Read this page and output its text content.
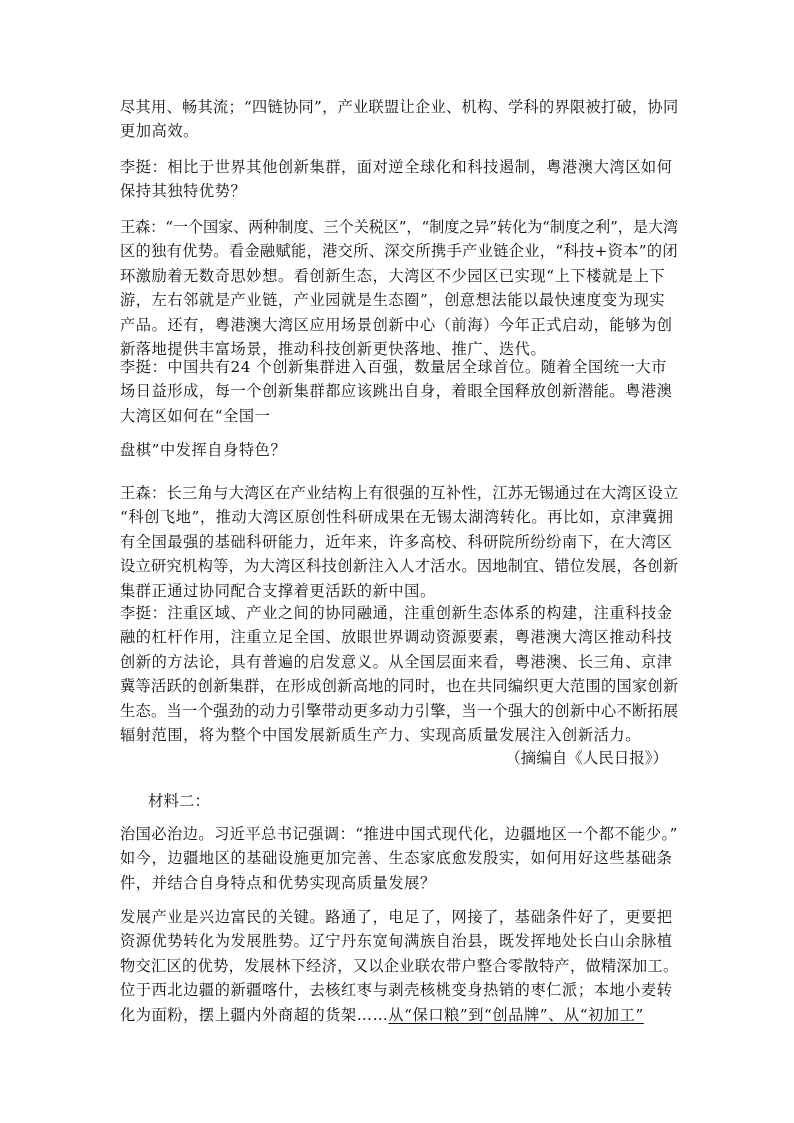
尽其用、畅其流；“四链协同”，产业联盟让企业、机构、学科的界限被打破，协同
更加高效。
李挺：相比于世界其他创新集群，面对逆全球化和科技遏制，粤港澳大湾区如何
保持其独特优势？
王森：“一个国家、两种制度、三个关税区”，“制度之异”转化为“制度之利”，是大湾
区的独有优势。看金融赋能，港交所、深交所携手产业链企业，“科技+资本”的闭
环激励着无数奇思妙想。看创新生态，大湾区不少园区已实现“上下楼就是上下
游，左右邻就是产业链，产业园就是生态圈”，创意想法能以最快速度变为现实
产品。还有，粤港澳大湾区应用场景创新中心（前海）今年正式启动，能够为创
新落地提供丰富场景，推动科技创新更快落地、推广、迭代。
李挺：中国共有24 个创新集群进入百强，数量居全球首位。随着全国统一大市
场日益形成，每一个创新集群都应该跳出自身，着眼全国释放创新潜能。粤港澳
大湾区如何在“全国一
盘棋”中发挥自身特色？
王森：长三角与大湾区在产业结构上有很强的互补性，江苏无锡通过在大湾区设立
“科创飞地”，推动大湾区原创性科研成果在无锡太湖湾转化。再比如，京津冀拥
有全国最强的基础科研能力，近年来，许多高校、科研院所纷纷南下，在大湾区
设立研究机构等，为大湾区科技创新注入人才活水。因地制宜、错位发展，各创新
集群正通过协同配合支撑着更活跃的新中国。
李挺：注重区域、产业之间的协同融通，注重创新生态体系的构建，注重科技金
融的杠杆作用，注重立足全国、放眼世界调动资源要素，粤港澳大湾区推动科技
创新的方法论，具有普遍的启发意义。从全国层面来看，粤港澳、长三角、京津
冀等活跃的创新集群，在形成创新高地的同时，也在共同编织更大范围的国家创新
生态。当一个强劲的动力引擎带动更多动力引擎，当一个强大的创新中心不断拓展
辐射范围，将为整个中国发展新质生产力、实现高质量发展注入创新活力。
（摘编自《人民日报》）
材料二：
治国必治边。习近平总书记强调：“推进中国式现代化，边疆地区一个都不能少。”
如今，边疆地区的基础设施更加完善、生态家底愈发殷实，如何用好这些基础条
件，并结合自身特点和优势实现高质量发展？
发展产业是兴边富民的关键。路通了，电足了，网接了，基础条件好了，更要把
资源优势转化为发展胜势。辽宁丹东宽甸满族自治县，既发挥地处长白山余脉植
物交汇区的优势，发展林下经济，又以企业联农带户整合零散特产，做精深加工。
位于西北边疆的新疆喀什，去核红枣与剥壳核桃变身热销的枣仁派；本地小麦转
化为面粉，摆上疆内外商超的货架……从“保口粮”到“创品牌”、从“初加工”
